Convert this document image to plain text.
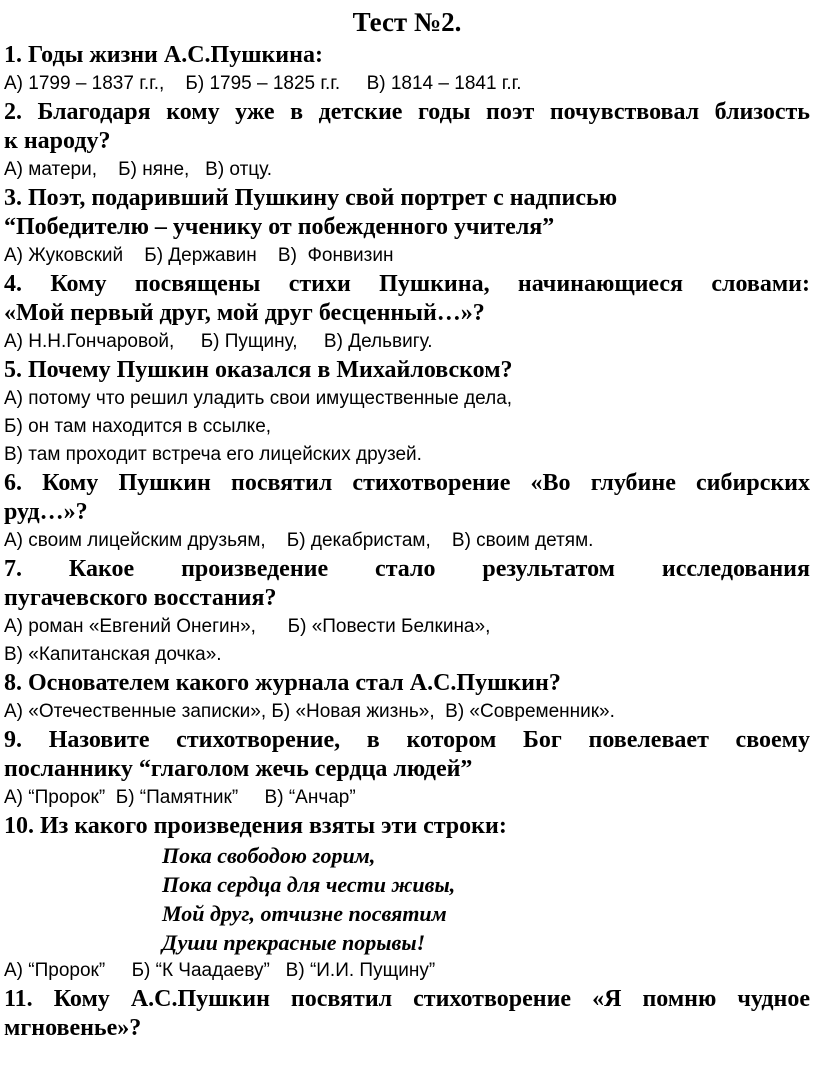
Тест №2.

1. Годы жизни А.С.Пушкина:

А) 1799 – 1837 г.г.,    Б) 1795 – 1825 г.г.     В) 1814 – 1841 г.г.

2. Благодаря кому уже в детские годы поэт почувствовал близость

к народу?

А) матери,    Б) няне,   В) отцу.

3. Поэт, подаривший Пушкину свой портрет с надписью

“Победителю – ученику от побежденного учителя”

А) Жуковский    Б) Державин    В)  Фонвизин

4. Кому посвящены стихи Пушкина, начинающиеся словами:

«Мой первый друг, мой друг бесценный…»?

А) Н.Н.Гончаровой,     Б) Пущину,     В) Дельвигу.

5. Почему Пушкин оказался в Михайловском?

А) потому что решил уладить свои имущественные дела,

Б) он там находится в ссылке,

В) там проходит встреча его лицейских друзей.

6. Кому Пушкин посвятил стихотворение «Во глубине сибирских

руд…»?

А) своим лицейским друзьям,    Б) декабристам,    В) своим детям.

7. Какое произведение стало результатом исследования

пугачевского восстания?

А) роман «Евгений Онегин»,      Б) «Повести Белкина»,

В) «Капитанская дочка».

8. Основателем какого журнала стал А.С.Пушкин?

А) «Отечественные записки», Б) «Новая жизнь»,  В) «Современник».

9. Назовите стихотворение, в котором Бог повелевает своему

посланнику “глаголом жечь сердца людей”

А) “Пророк”  Б) “Памятник”     В) “Анчар”

10. Из какого произведения взяты эти строки:

Пока свободою горим,
Пока сердца для чести живы,
Мой друг, отчизне посвятим
Души прекрасные порывы!

А) “Пророк”     Б) “К Чаадаеву”   В) “И.И. Пущину”

11. Кому А.С.Пушкин посвятил стихотворение «Я помню чудное

мгновенье»?
